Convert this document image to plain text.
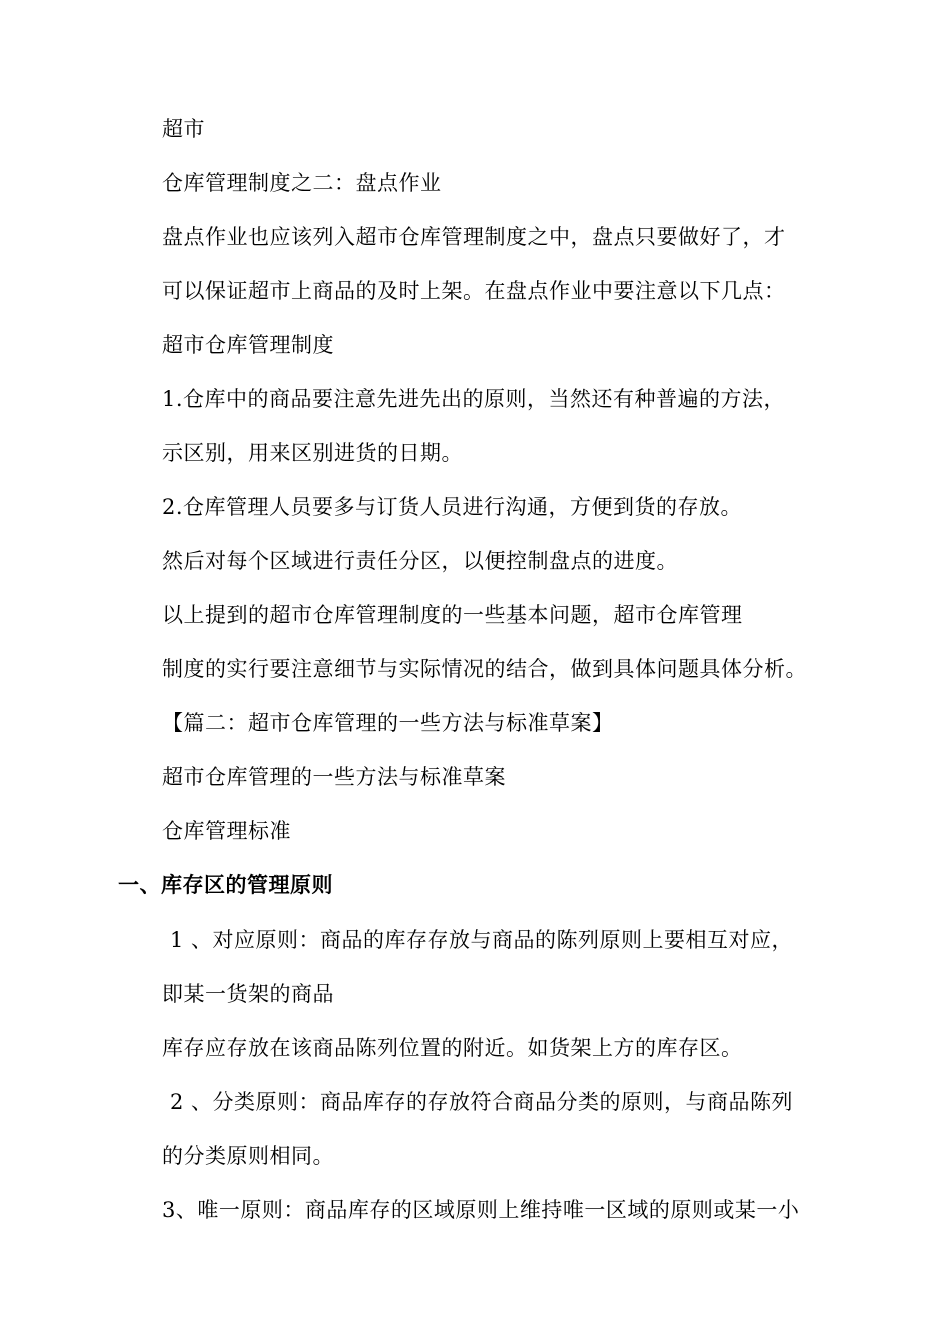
超市
仓库管理制度之二：盘点作业
盘点作业也应该列入超市仓库管理制度之中，盘点只要做好了，才
可以保证超市上商品的及时上架。在盘点作业中要注意以下几点：
超市仓库管理制度
1.仓库中的商品要注意先进先出的原则，当然还有种普遍的方法，
示区别，用来区别进货的日期。
2.仓库管理人员要多与订货人员进行沟通，方便到货的存放。
然后对每个区域进行责任分区，以便控制盘点的进度。
以上提到的超市仓库管理制度的一些基本问题，超市仓库管理
制度的实行要注意细节与实际情况的结合，做到具体问题具体分析。
【篇二：超市仓库管理的一些方法与标准草案】
超市仓库管理的一些方法与标准草案
仓库管理标准
一、库存区的管理原则
1 、对应原则：商品的库存存放与商品的陈列原则上要相互对应，
即某一货架的商品
库存应存放在该商品陈列位置的附近。如货架上方的库存区。
2 、分类原则：商品库存的存放符合商品分类的原则，与商品陈列
的分类原则相同。
3、唯一原则：商品库存的区域原则上维持唯一区域的原则或某一小
